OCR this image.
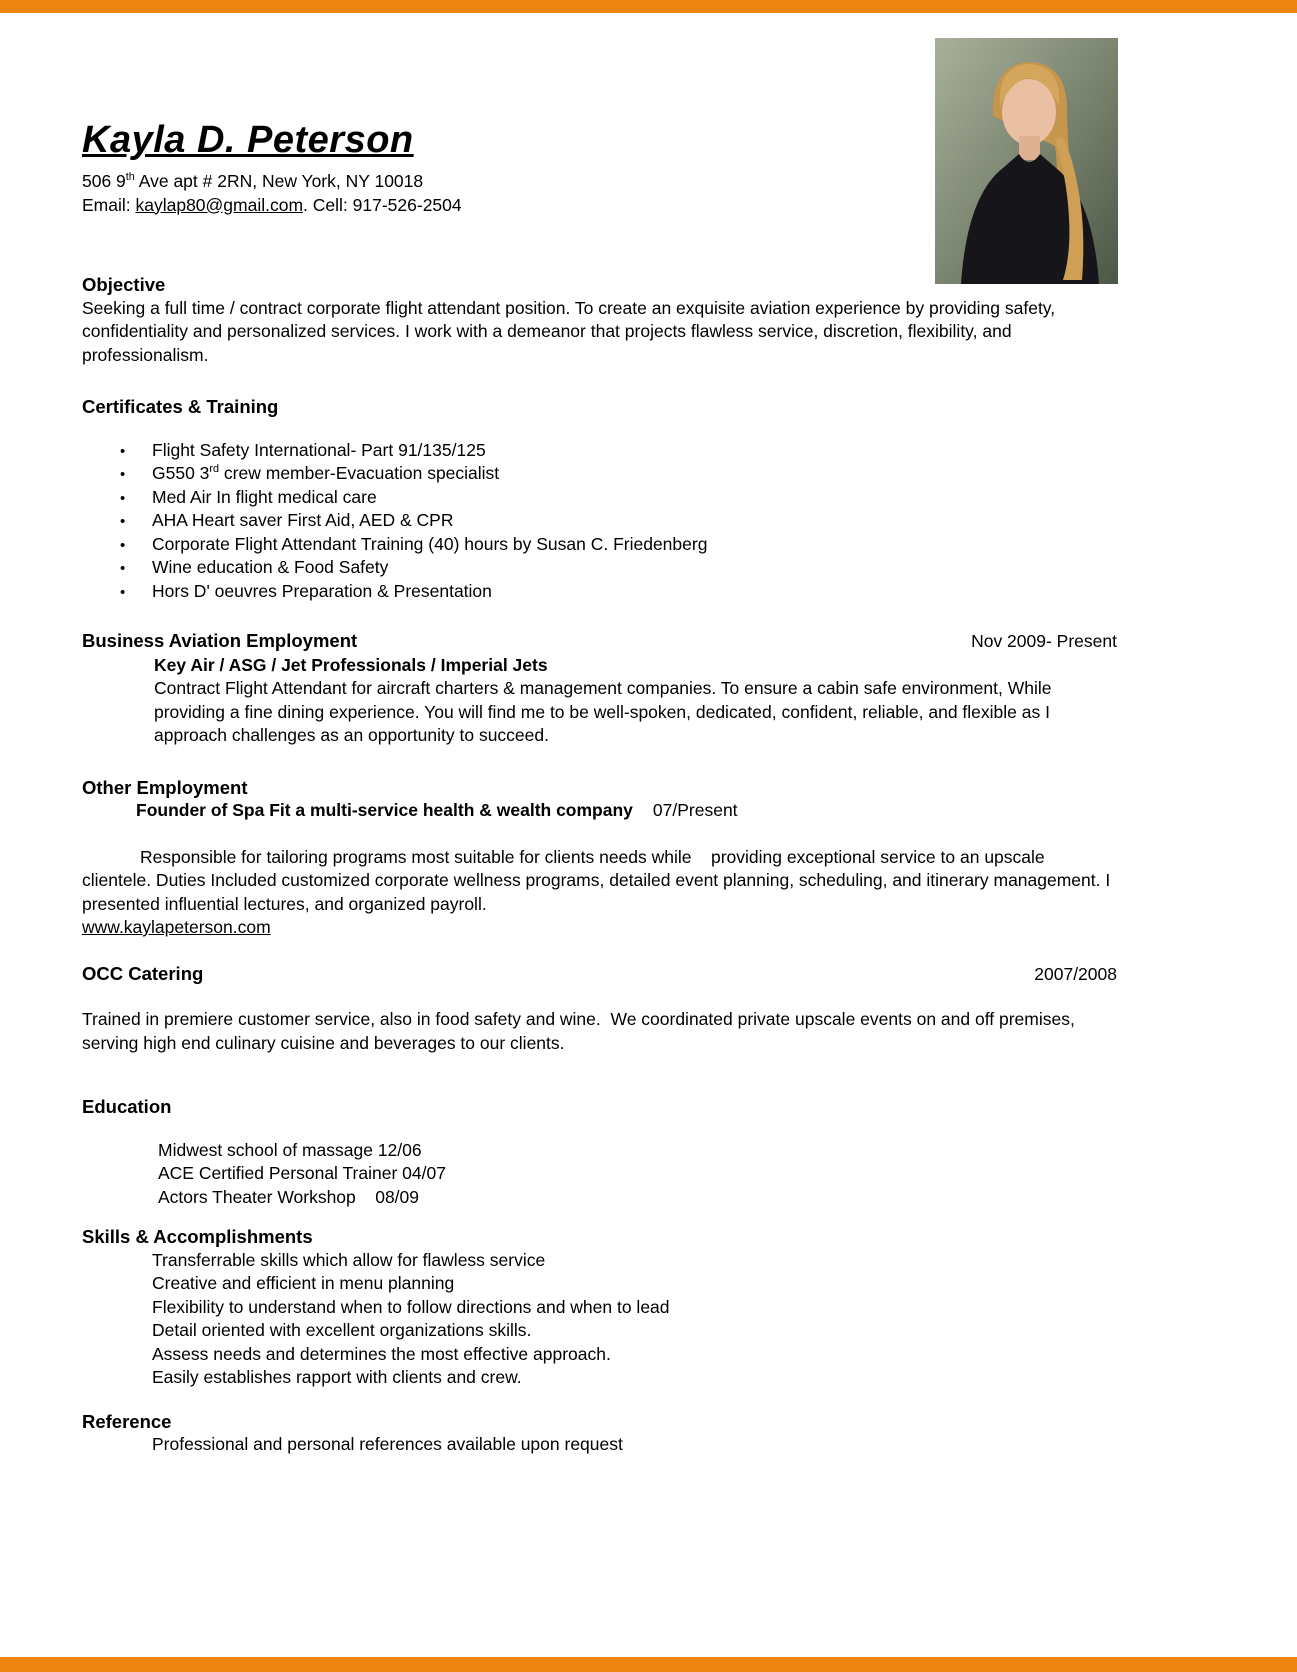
Kayla D. Peterson
506 9th Ave apt # 2RN, New York, NY 10018
Email: kaylap80@gmail.com. Cell: 917-526-2504
Objective

Seeking a full time / contract corporate flight attendant position. To create an exquisite aviation experience by providing safety, confidentiality and personalized services. I work with a demeanor that projects flawless service, discretion, flexibility, and professionalism.

Certificates & Training
•
Flight Safety International- Part 91/135/125
•
G550 3rd crew member-Evacuation specialist
•
Med Air In flight medical care
•
AHA Heart saver First Aid, AED & CPR
•
Corporate Flight Attendant Training (40) hours by Susan C. Friedenberg
•
Wine education & Food Safety
•
Hors D' oeuvres Preparation & Presentation
Business Aviation Employment	Nov 2009- Present
Key Air / ASG / Jet Professionals / Imperial Jets

Contract Flight Attendant for aircraft charters & management companies. To ensure a cabin safe environment, While providing a fine dining experience. You will find me to be well-spoken, dedicated, confident, reliable, and flexible as I approach challenges as an opportunity to succeed.

Other Employment
Founder of Spa Fit a multi-service health & wealth company 07/Present

Responsible for tailoring programs most suitable for clients needs while    providing exceptional service to an upscale clientele. Duties Included customized corporate wellness programs, detailed event planning, scheduling, and itinerary management. I presented influential lectures, and organized payroll.

www.kaylapeterson.com
OCC Catering	2007/2008

Trained in premiere customer service, also in food safety and wine.  We coordinated private upscale events on and off premises, serving high end culinary cuisine and beverages to our clients.

Education
Midwest school of massage 12/06
ACE Certified Personal Trainer 04/07
Actors Theater Workshop    08/09
Skills & Accomplishments
Transferrable skills which allow for flawless service
Creative and efficient in menu planning
Flexibility to understand when to follow directions and when to lead
Detail oriented with excellent organizations skills.
Assess needs and determines the most effective approach.
Easily establishes rapport with clients and crew.
Reference
Professional and personal references available upon request
